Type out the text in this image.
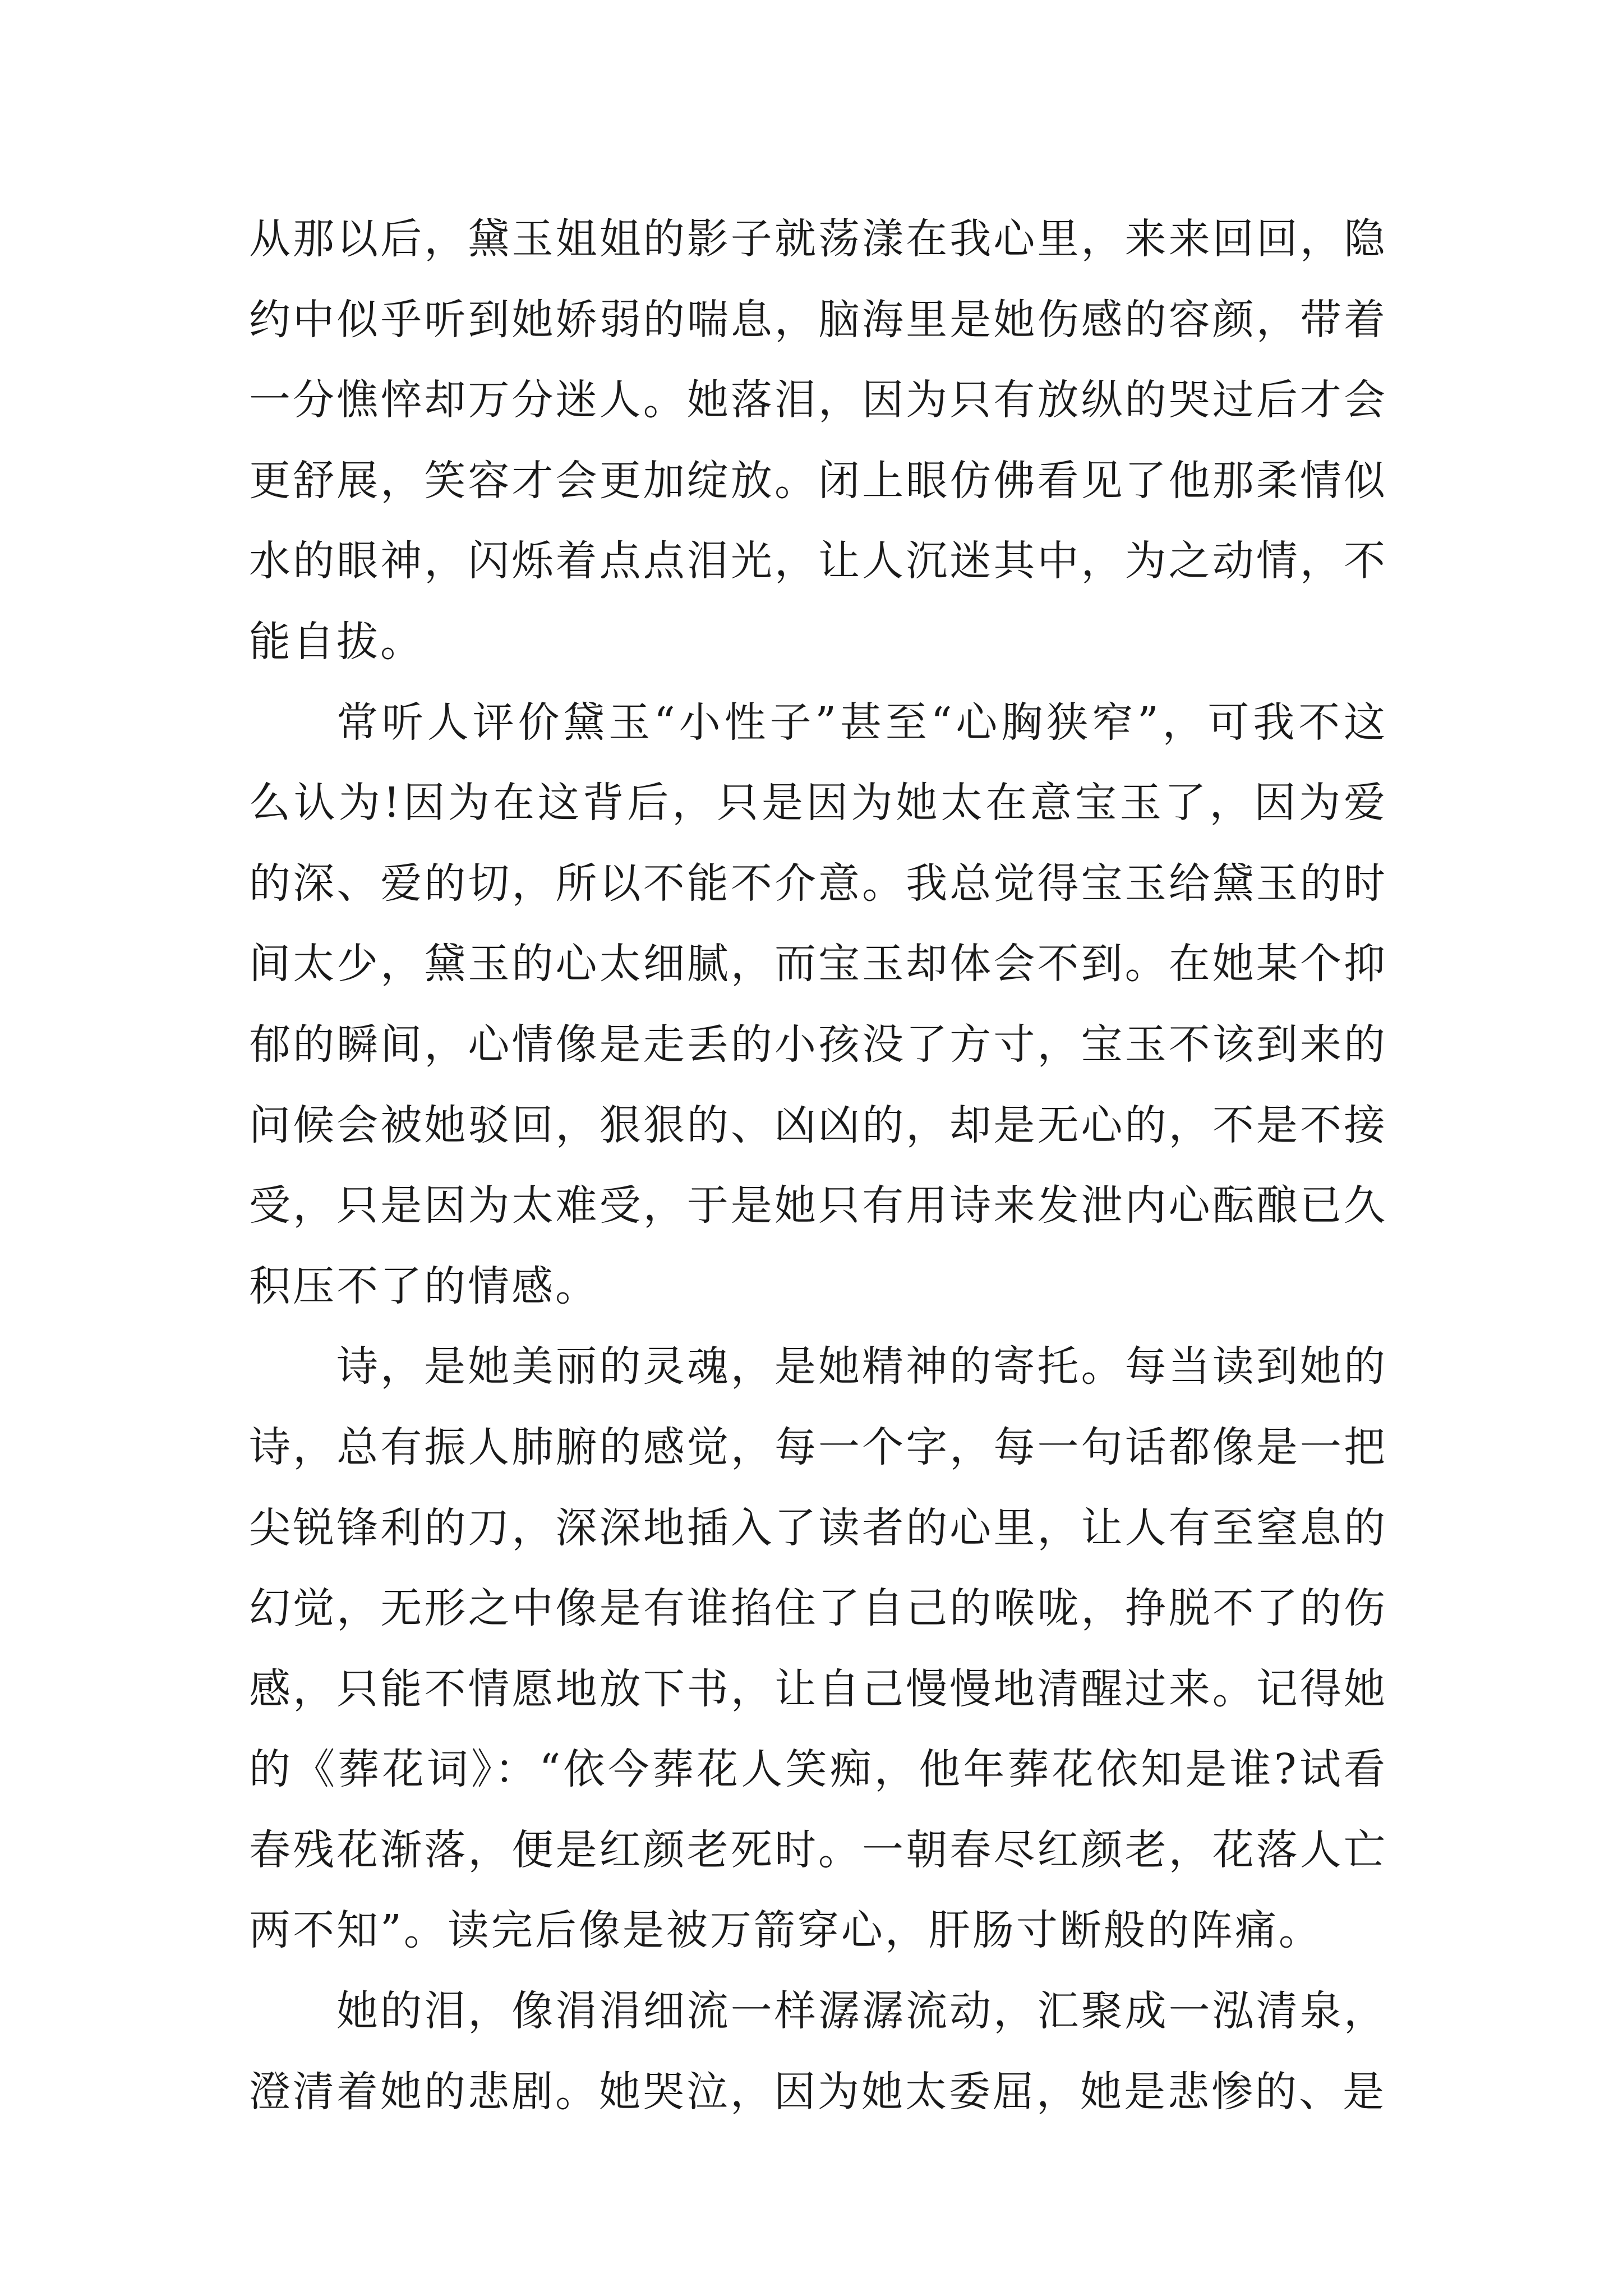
从那以后，黛玉姐姐的影子就荡漾在我心里，来来回回，隐约中似乎听到她娇弱的喘息，脑海里是她伤感的容颜，带着一分憔悴却万分迷人。她落泪，因为只有放纵的哭过后才会更舒展，笑容才会更加绽放。闭上眼仿佛看见了他那柔情似水的眼神，闪烁着点点泪光，让人沉迷其中，为之动情，不能自拔。

常听人评价黛玉“小性子”甚至“心胸狭窄”，可我不这么认为!因为在这背后，只是因为她太在意宝玉了，因为爱的深、爱的切，所以不能不介意。我总觉得宝玉给黛玉的时间太少，黛玉的心太细腻，而宝玉却体会不到。在她某个抑郁的瞬间，心情像是走丢的小孩没了方寸，宝玉不该到来的问候会被她驳回，狠狠的、凶凶的，却是无心的，不是不接受，只是因为太难受，于是她只有用诗来发泄内心酝酿已久积压不了的情感。

诗，是她美丽的灵魂，是她精神的寄托。每当读到她的诗，总有振人肺腑的感觉，每一个字，每一句话都像是一把尖锐锋利的刀，深深地插入了读者的心里，让人有至窒息的幻觉，无形之中像是有谁掐住了自己的喉咙，挣脱不了的伤感，只能不情愿地放下书，让自己慢慢地清醒过来。记得她的《葬花词》：“依今葬花人笑痴，他年葬花依知是谁?试看春残花渐落，便是红颜老死时。一朝春尽红颜老，花落人亡两不知”。读完后像是被万箭穿心，肝肠寸断般的阵痛。

她的泪，像涓涓细流一样潺潺流动，汇聚成一泓清泉，澄清着她的悲剧。她哭泣，因为她太委屈，她是悲惨的、是
